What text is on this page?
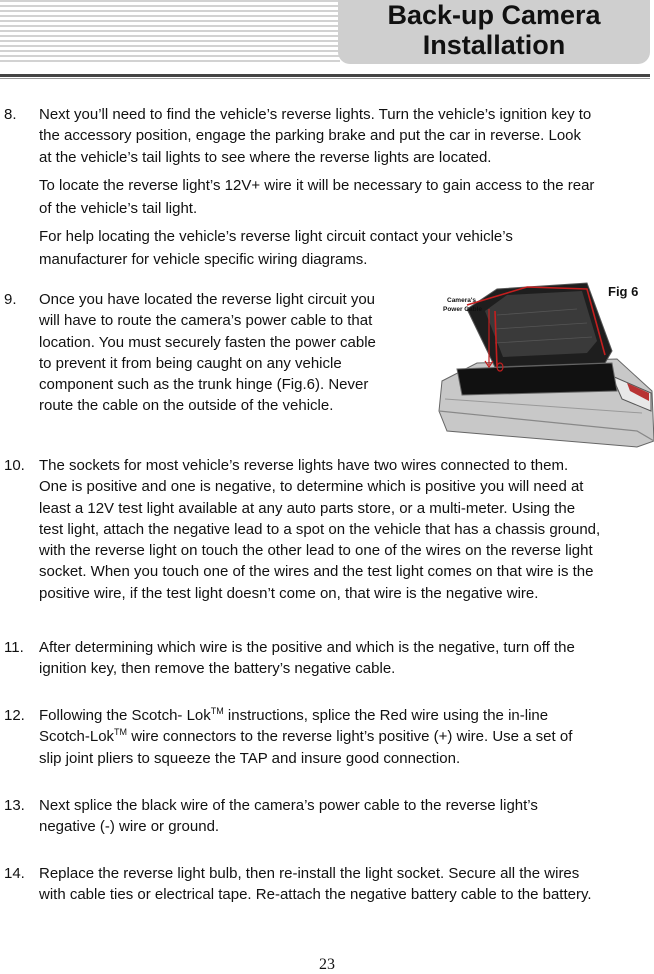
Back-up Camera
Installation
8.	Next you’ll need to find the vehicle’s reverse lights. Turn the vehicle’s ignition key to
the accessory position, engage the parking brake and put the car in reverse. Look
at the vehicle’s tail lights to see where the reverse lights are located.
To locate the reverse light’s 12V+ wire it will be necessary to gain access to the rear
of the vehicle’s tail light.
For help locating the vehicle’s reverse light circuit contact your vehicle’s
manufacturer for vehicle specific wiring diagrams.
9.	Once you have located the reverse light circuit you
will have to route the camera’s power cable to that
location. You must securely fasten the power cable
to prevent it from being caught on any vehicle
component such as the trunk hinge (Fig.6). Never
route the cable on the outside of the vehicle.
Camera's
Power Cable
Fig 6
10. The sockets for most vehicle’s reverse lights have two wires connected to them.
One is positive and one is negative, to determine which is positive you will need at
least a 12V test light available at any auto parts store, or a multi-meter. Using the
test light, attach the negative lead to a spot on the vehicle that has a chassis ground,
with the reverse light on touch the other lead to one of the wires on the reverse light
socket. When you touch one of the wires and the test light comes on that wire is the
positive wire, if the test light doesn’t come on, that wire is the negative wire.
11.	After determining which wire is the positive and which is the negative, turn off the
ignition key, then remove the battery’s negative cable.
12. Following the Scotch- Lok™ instructions, splice the Red wire using the in-line
Scotch-Lok™ wire connectors to the reverse light’s positive (+) wire. Use a set of
slip joint pliers to squeeze the TAP and insure good connection.
13. Next splice the black wire of the camera’s power cable to the reverse light’s
negative (-) wire or ground.
14. Replace the reverse light bulb, then re-install the light socket. Secure all the wires
with cable ties or electrical tape. Re-attach the negative battery cable to the battery.
23
